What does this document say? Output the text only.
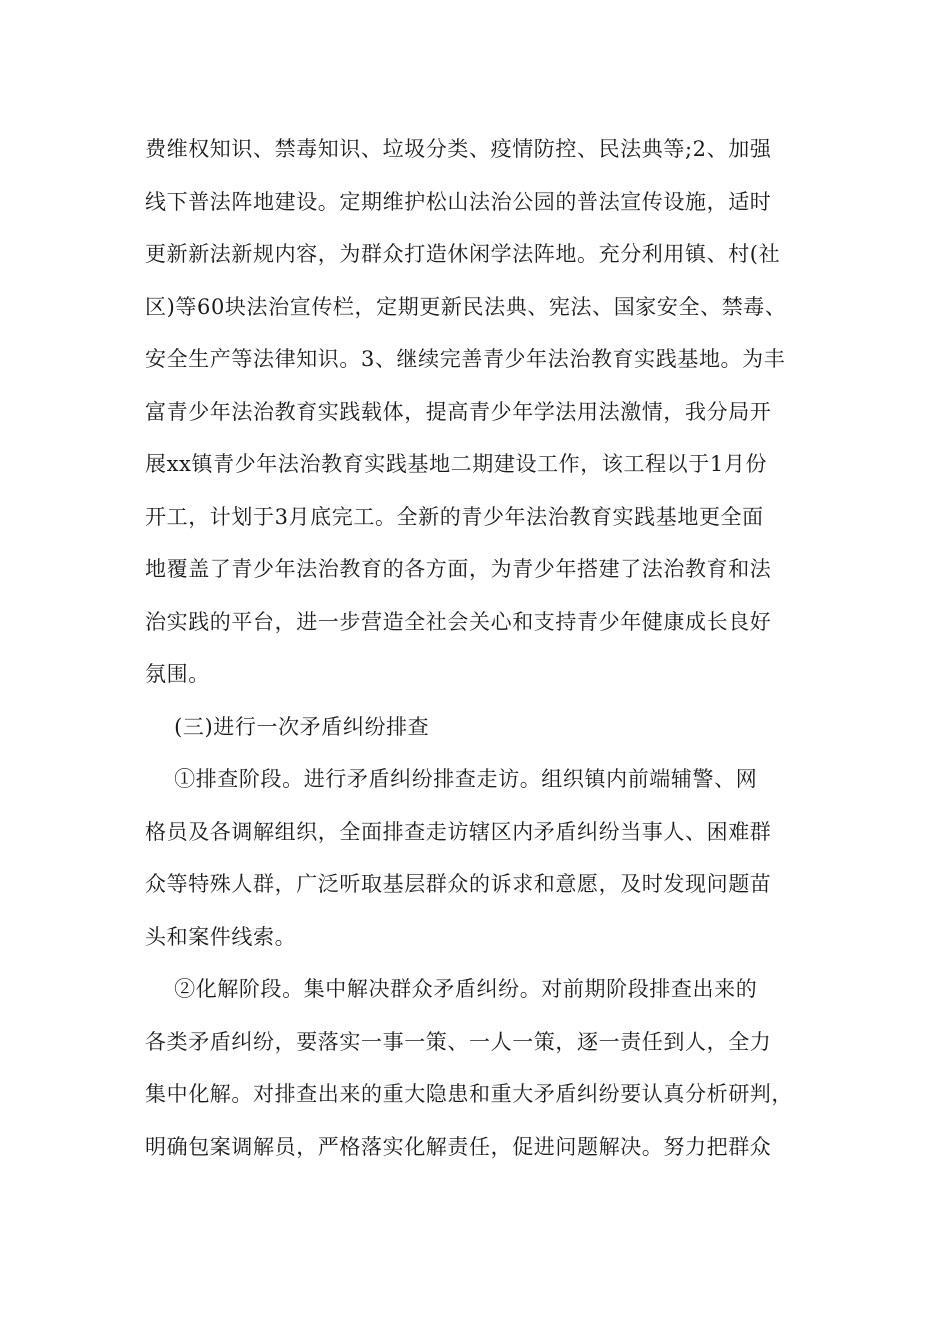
费维权知识、禁毒知识、垃圾分类、疫情防控、民法典等;2、加强
线下普法阵地建设。定期维护松山法治公园的普法宣传设施，适时
更新新法新规内容，为群众打造休闲学法阵地。充分利用镇、村(社
区)等60块法治宣传栏，定期更新民法典、宪法、国家安全、禁毒、
安全生产等法律知识。3、继续完善青少年法治教育实践基地。为丰
富青少年法治教育实践载体，提高青少年学法用法激情，我分局开
展xx镇青少年法治教育实践基地二期建设工作，该工程以于1月份
开工，计划于3月底完工。全新的青少年法治教育实践基地更全面
地覆盖了青少年法治教育的各方面，为青少年搭建了法治教育和法
治实践的平台，进一步营造全社会关心和支持青少年健康成长良好
氛围。
(三)进行一次矛盾纠纷排查
①排查阶段。进行矛盾纠纷排查走访。组织镇内前端辅警、网
格员及各调解组织，全面排查走访辖区内矛盾纠纷当事人、困难群
众等特殊人群，广泛听取基层群众的诉求和意愿，及时发现问题苗
头和案件线索。
②化解阶段。集中解决群众矛盾纠纷。对前期阶段排查出来的
各类矛盾纠纷，要落实一事一策、一人一策，逐一责任到人，全力
集中化解。对排查出来的重大隐患和重大矛盾纠纷要认真分析研判，
明确包案调解员，严格落实化解责任，促进问题解决。努力把群众
